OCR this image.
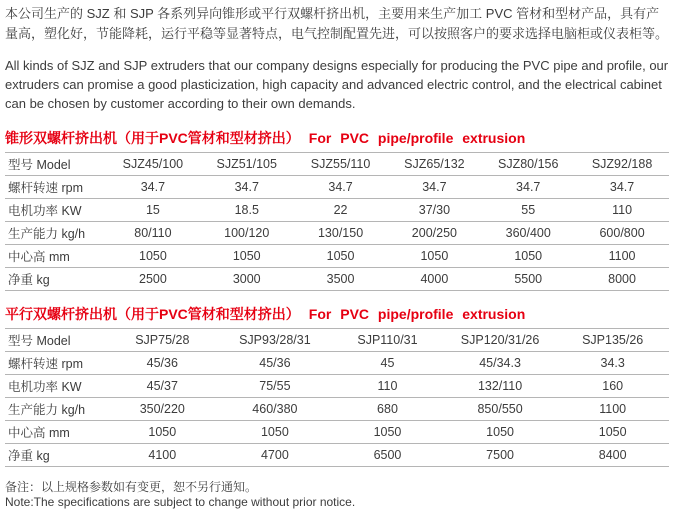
本公司生产的 SJZ 和 SJP 各系列异向锥形或平行双螺杆挤出机，主要用来生产加工 PVC 管材和型材产品，具有产量高，塑化好，节能降耗，运行平稳等显著特点，电气控制配置先进，可以按照客户的要求选择电脑柜或仪表柜等。

All kinds of SJZ and SJP extruders that our company designs especially for producing the PVC pipe and profile, our extruders can promise a good plasticization, high capacity and advanced electric control, and the electrical cabinet can be chosen by customer according to their own demands.

锥形双螺杆挤出机（用于PVC管材和型材挤出） For PVC pipe/profile extrusion
型号 Model	SJZ45/100	SJZ51/105	SJZ55/110	SJZ65/132	SJZ80/156	SJZ92/188
螺杆转速 rpm	34.7	34.7	34.7	34.7	34.7	34.7
电机功率 KW	15	18.5	22	37/30	55	110
生产能力 kg/h	80/110	100/120	130/150	200/250	360/400	600/800
中心高 mm	1050	1050	1050	1050	1050	1100
净重 kg	2500	3000	3500	4000	5500	8000
平行双螺杆挤出机（用于PVC管材和型材挤出） For PVC pipe/profile extrusion
型号 Model	SJP75/28	SJP93/28/31	SJP110/31	SJP120/31/26	SJP135/26
螺杆转速 rpm	45/36	45/36	45	45/34.3	34.3
电机功率 KW	45/37	75/55	110	132/110	160
生产能力 kg/h	350/220	460/380	680	850/550	1100
中心高 mm	1050	1050	1050	1050	1050
净重 kg	4100	4700	6500	7500	8400

备注：以上规格参数如有变更，恕不另行通知。

Note:The specifications are subject to change without prior notice.
